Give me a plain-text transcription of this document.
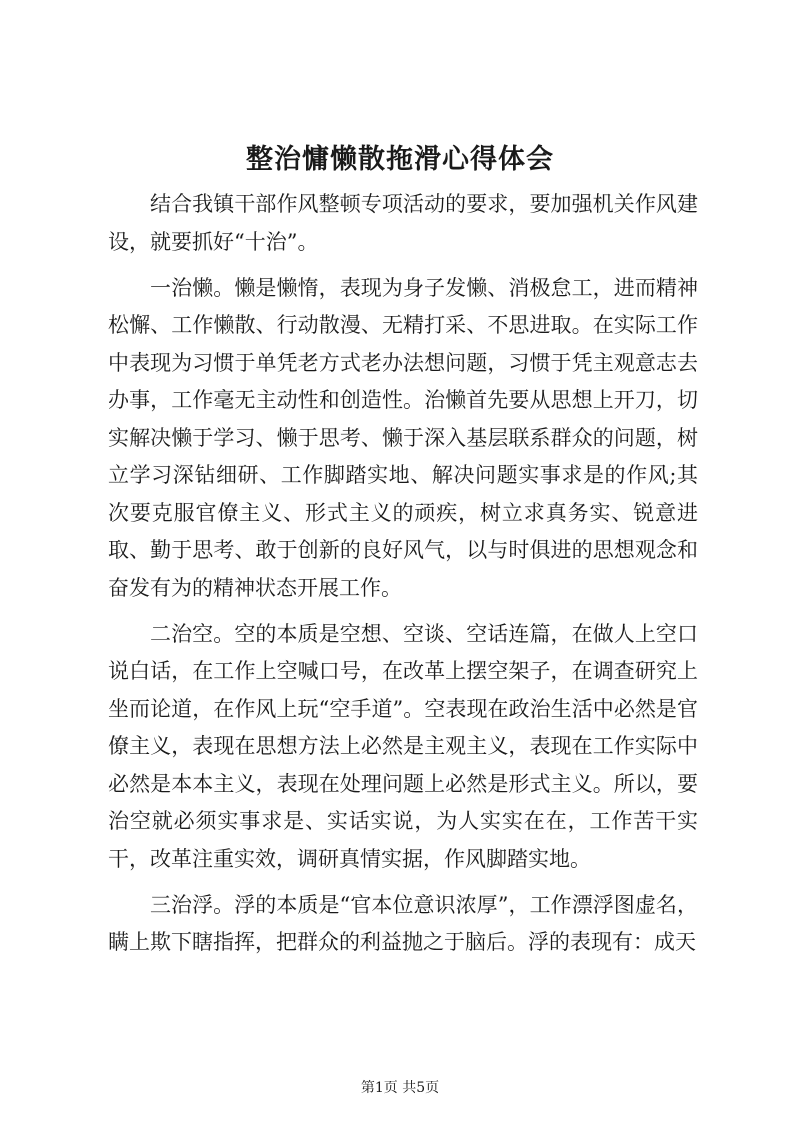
整治慵懒散拖滑心得体会

结合我镇干部作风整顿专项活动的要求，要加强机关作风建设，就要抓好“十治”。

一治懒。懒是懒惰，表现为身子发懒、消极怠工，进而精神松懈、工作懒散、行动散漫、无精打采、不思进取。在实际工作中表现为习惯于单凭老方式老办法想问题，习惯于凭主观意志去办事，工作毫无主动性和创造性。治懒首先要从思想上开刀，切实解决懒于学习、懒于思考、懒于深入基层联系群众的问题，树立学习深钻细研、工作脚踏实地、解决问题实事求是的作风;其次要克服官僚主义、形式主义的顽疾，树立求真务实、锐意进取、勤于思考、敢于创新的良好风气，以与时俱进的思想观念和奋发有为的精神状态开展工作。

二治空。空的本质是空想、空谈、空话连篇，在做人上空口说白话，在工作上空喊口号，在改革上摆空架子，在调查研究上坐而论道，在作风上玩“空手道”。空表现在政治生活中必然是官僚主义，表现在思想方法上必然是主观主义，表现在工作实际中必然是本本主义，表现在处理问题上必然是形式主义。所以，要治空就必须实事求是、实话实说，为人实实在在，工作苦干实干，改革注重实效，调研真情实据，作风脚踏实地。

三治浮。浮的本质是“官本位意识浓厚”，工作漂浮图虚名，瞒上欺下瞎指挥，把群众的利益抛之于脑后。浮的表现有：成天

第1页 共5页
